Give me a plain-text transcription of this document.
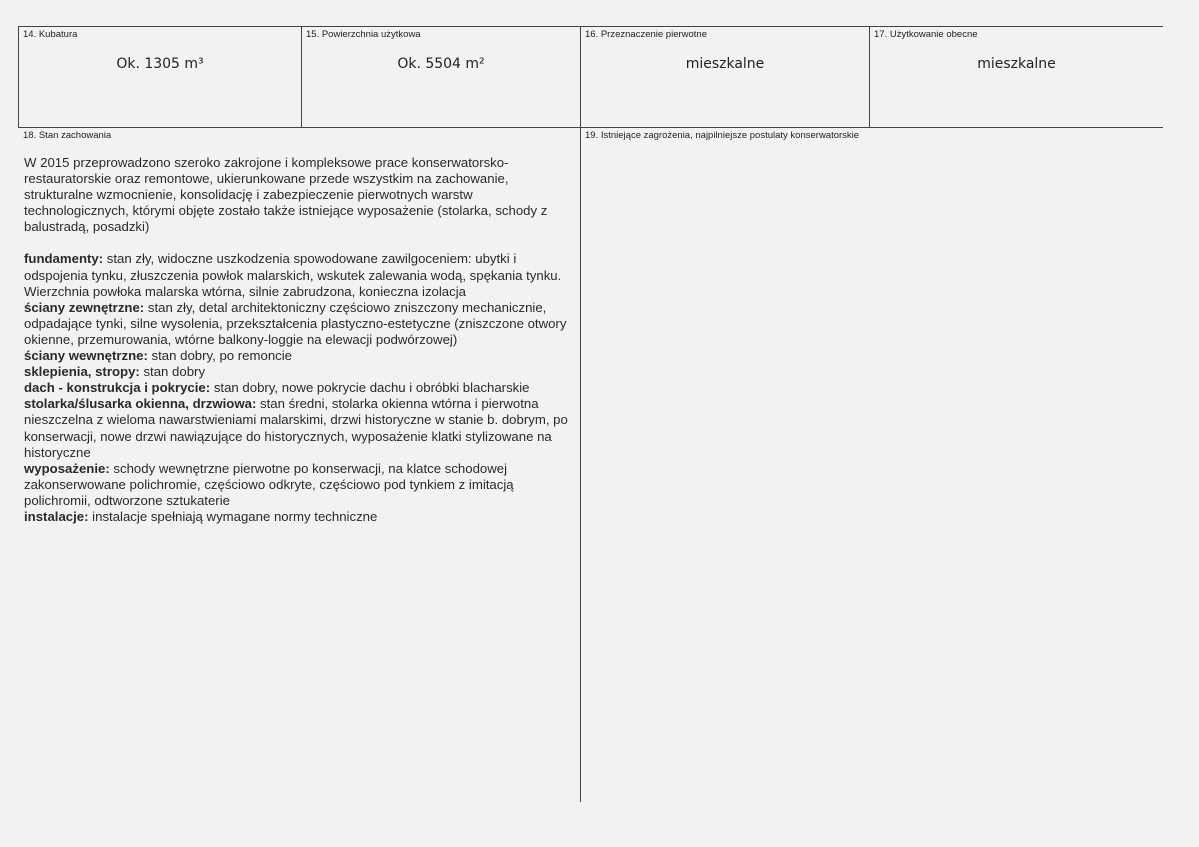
14. Kubatura
Ok. 1305 m³
15. Powierzchnia użytkowa
Ok. 5504 m²
16. Przeznaczenie pierwotne
mieszkalne
17. Użytkowanie obecne
mieszkalne
18. Stan zachowania

W 2015 przeprowadzono szeroko zakrojone i kompleksowe prace konserwatorsko-restauratorskie oraz remontowe, ukierunkowane przede wszystkim na zachowanie, strukturalne wzmocnienie, konsolidację i zabezpieczenie pierwotnych warstw technologicznych, którymi objęte zostało także istniejące wyposażenie (stolarka, schody z balustradą, posadzki)

fundamenty: stan zły, widoczne uszkodzenia spowodowane zawilgoceniem: ubytki i odspojenia tynku, złuszczenia powłok malarskich, wskutek zalewania wodą, spękania tynku. Wierzchnia powłoka malarska wtórna, silnie zabrudzona, konieczna izolacja

ściany zewnętrzne: stan zły, detal architektoniczny częściowo zniszczony mechanicznie, odpadające tynki, silne wysolenia, przekształcenia plastyczno-estetyczne (zniszczone otwory okienne, przemurowania, wtórne balkony-loggie na elewacji podwórzowej)

ściany wewnętrzne: stan dobry, po remoncie

sklepienia, stropy: stan dobry

dach - konstrukcja i pokrycie: stan dobry, nowe pokrycie dachu i obróbki blacharskie

stolarka/ślusarka okienna, drzwiowa: stan średni, stolarka okienna wtórna i pierwotna nieszczelna z wieloma nawarstwieniami malarskimi, drzwi historyczne w stanie b. dobrym, po konserwacji, nowe drzwi nawiązujące do historycznych, wyposażenie klatki stylizowane na historyczne

wyposażenie: schody wewnętrzne pierwotne po konserwacji, na klatce schodowej zakonserwowane polichromie, częściowo odkryte, częściowo pod tynkiem z imitacją polichromii, odtworzone sztukaterie

instalacje: instalacje spełniają wymagane normy techniczne

19. Istniejące zagrożenia, najpilniejsze postulaty konserwatorskie
